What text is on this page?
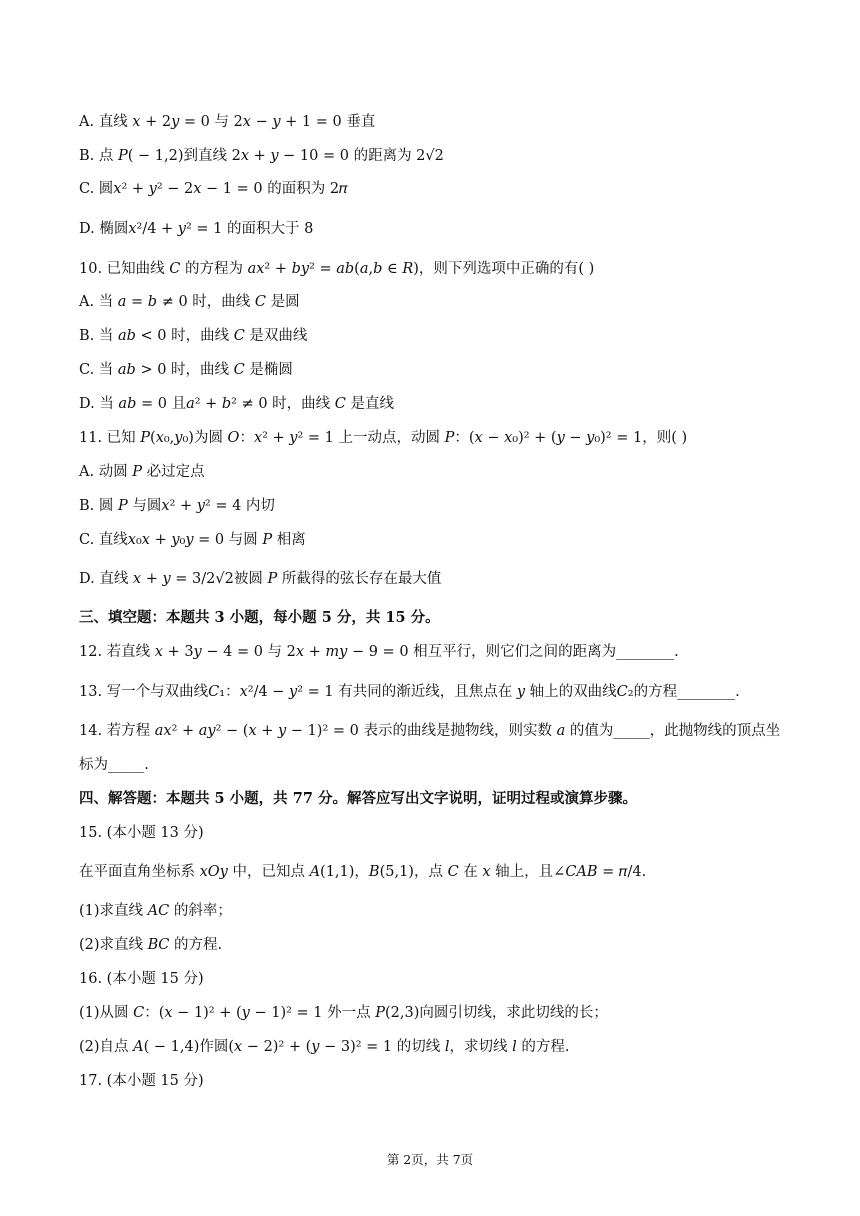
A. 直线 𝑥 + 2𝑦 = 0 与 2𝑥 − 𝑦 + 1 = 0 垂直
B. 点 𝑃( − 1,2)到直线 2𝑥 + 𝑦 − 10 = 0 的距离为 2√2
C. 圆𝑥² + 𝑦² − 2𝑥 − 1 = 0 的面积为 2𝜋
D. 椭圆𝑥²/4 + 𝑦² = 1 的面积大于 8
10. 已知曲线 𝐶 的方程为 𝑎𝑥² + 𝑏𝑦² = 𝑎𝑏(𝑎,𝑏 ∈ 𝑅)，则下列选项中正确的有( )
A. 当 𝑎 = 𝑏 ≠ 0 时，曲线 𝐶 是圆
B. 当 𝑎𝑏 < 0 时，曲线 𝐶 是双曲线
C. 当 𝑎𝑏 > 0 时，曲线 𝐶 是椭圆
D. 当 𝑎𝑏 = 0 且𝑎² + 𝑏² ≠ 0 时，曲线 𝐶 是直线
11. 已知 𝑃(𝑥₀,𝑦₀)为圆 𝑂：𝑥² + 𝑦² = 1 上一动点，动圆 𝑃：(𝑥 − 𝑥₀)² + (𝑦 − 𝑦₀)² = 1，则( )
A. 动圆 𝑃 必过定点
B. 圆 𝑃 与圆𝑥² + 𝑦² = 4 内切
C. 直线𝑥₀𝑥 + 𝑦₀𝑦 = 0 与圆 𝑃 相离
D. 直线 𝑥 + 𝑦 = 3/2√2被圆 𝑃 所截得的弦长存在最大值
三、填空题：本题共 3 小题，每小题 5 分，共 15 分。
12. 若直线 𝑥 + 3𝑦 − 4 = 0 与 2𝑥 + 𝑚𝑦 − 9 = 0 相互平行，则它们之间的距离为________.
13. 写一个与双曲线𝐶₁：𝑥²/4 − 𝑦² = 1 有共同的渐近线，且焦点在 𝑦 轴上的双曲线𝐶₂的方程________.
14. 若方程 𝑎𝑥² + 𝑎𝑦² − (𝑥 + 𝑦 − 1)² = 0 表示的曲线是抛物线，则实数 𝑎 的值为_____，此抛物线的顶点坐
标为_____.
四、解答题：本题共 5 小题，共 77 分。解答应写出文字说明，证明过程或演算步骤。
15. (本小题 13 分)
在平面直角坐标系 𝑥𝑂𝑦 中，已知点 𝐴(1,1)，𝐵(5,1)，点 𝐶 在 𝑥 轴上，且∠𝐶𝐴𝐵 = 𝜋/4.
(1)求直线 𝐴𝐶 的斜率；
(2)求直线 𝐵𝐶 的方程.
16. (本小题 15 分)
(1)从圆 𝐶：(𝑥 − 1)² + (𝑦 − 1)² = 1 外一点 𝑃(2,3)向圆引切线，求此切线的长；
(2)自点 𝐴( − 1,4)作圆(𝑥 − 2)² + (𝑦 − 3)² = 1 的切线 𝑙，求切线 𝑙 的方程.
17. (本小题 15 分)
第 2页，共 7页
